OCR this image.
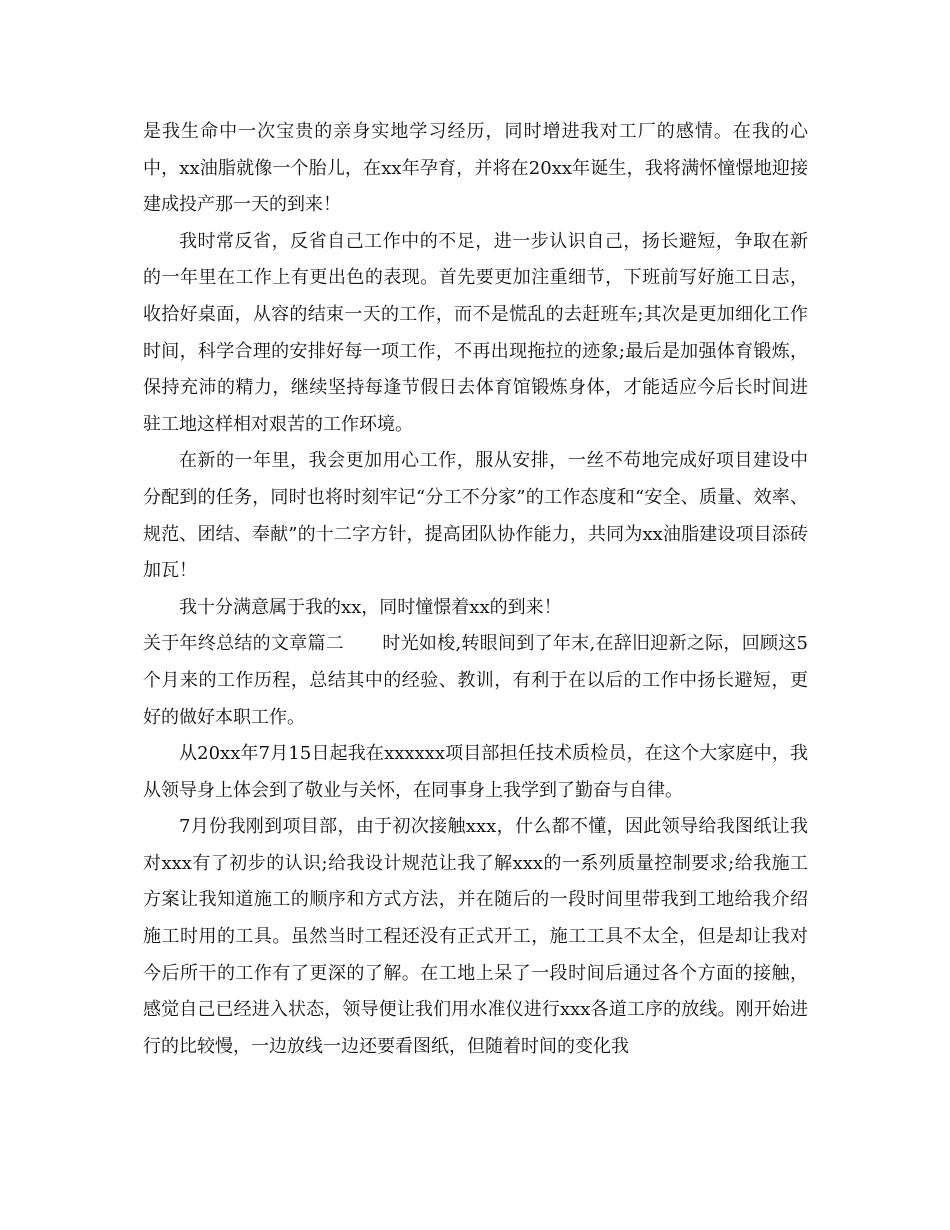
是我生命中一次宝贵的亲身实地学习经历，同时增进我对工厂的感情。在我的心中，xx油脂就像一个胎儿，在xx年孕育，并将在20xx年诞生，我将满怀憧憬地迎接建成投产那一天的到来！

我时常反省，反省自己工作中的不足，进一步认识自己，扬长避短，争取在新的一年里在工作上有更出色的表现。首先要更加注重细节，下班前写好施工日志，收拾好桌面，从容的结束一天的工作，而不是慌乱的去赶班车;其次是更加细化工作时间，科学合理的安排好每一项工作，不再出现拖拉的迹象;最后是加强体育锻炼，保持充沛的精力，继续坚持每逢节假日去体育馆锻炼身体，才能适应今后长时间进驻工地这样相对艰苦的工作环境。

在新的一年里，我会更加用心工作，服从安排，一丝不苟地完成好项目建设中分配到的任务，同时也将时刻牢记“分工不分家”的工作态度和“安全、质量、效率、规范、团结、奉献”的十二字方针，提高团队协作能力，共同为xx油脂建设项目添砖加瓦！

我十分满意属于我的xx，同时憧憬着xx的到来！

关于年终总结的文章篇二 时光如梭,转眼间到了年末,在辞旧迎新之际，回顾这5个月来的工作历程，总结其中的经验、教训，有利于在以后的工作中扬长避短，更好的做好本职工作。

从20xx年7月15日起我在xxxxxx项目部担任技术质检员，在这个大家庭中，我从领导身上体会到了敬业与关怀，在同事身上我学到了勤奋与自律。

7月份我刚到项目部，由于初次接触xxx，什么都不懂，因此领导给我图纸让我对xxx有了初步的认识;给我设计规范让我了解xxx的一系列质量控制要求;给我施工方案让我知道施工的顺序和方式方法，并在随后的一段时间里带我到工地给我介绍施工时用的工具。虽然当时工程还没有正式开工，施工工具不太全，但是却让我对今后所干的工作有了更深的了解。在工地上呆了一段时间后通过各个方面的接触，感觉自己已经进入状态，领导便让我们用水准仪进行xxx各道工序的放线。刚开始进行的比较慢，一边放线一边还要看图纸，但随着时间的变化我
